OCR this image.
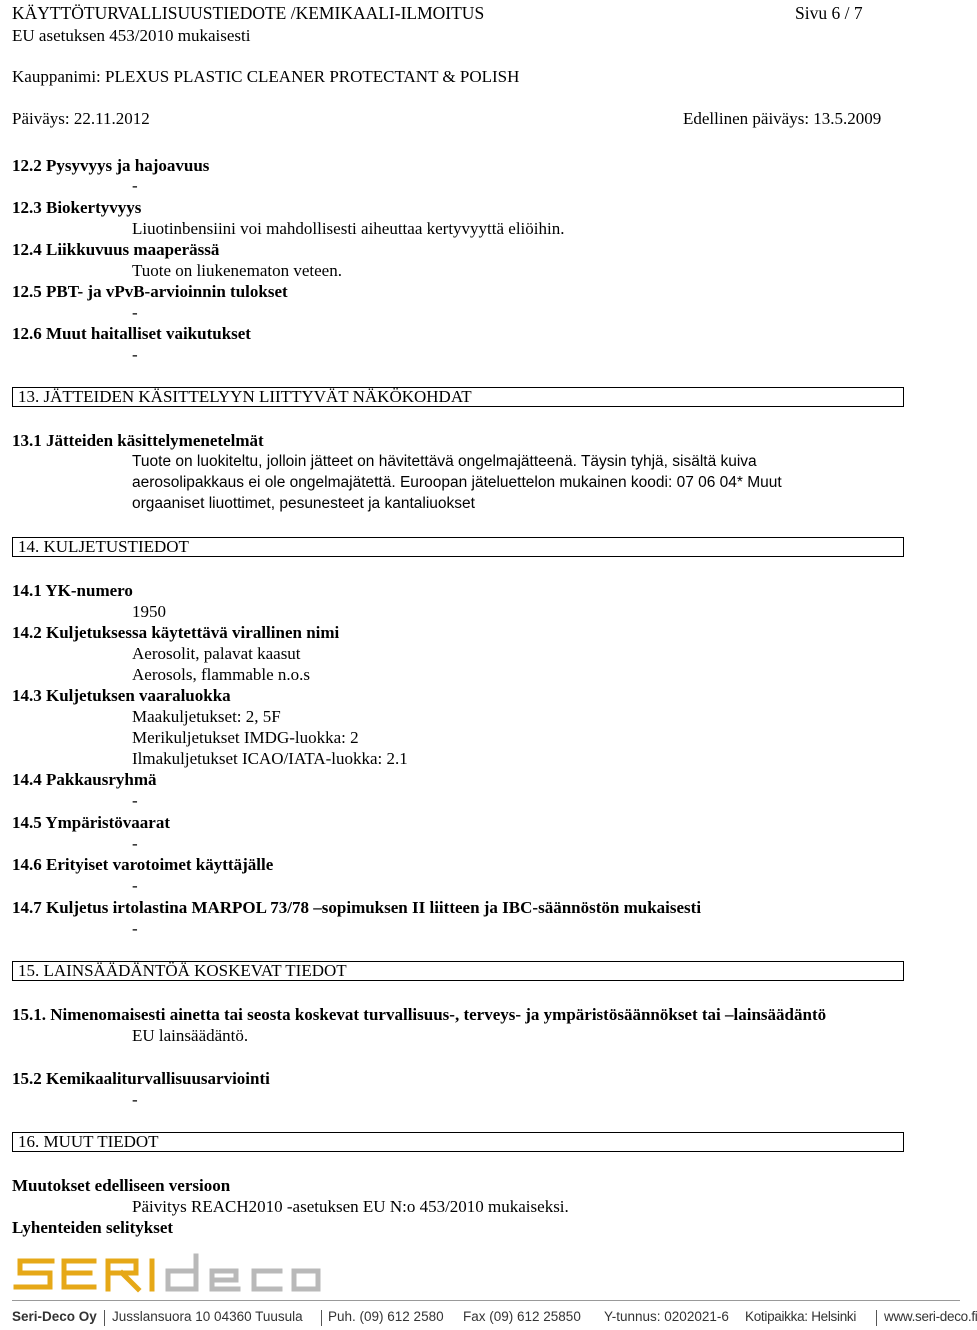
KÄYTTÖTURVALLISUUSTIEDOTE /KEMIKAALI-ILMOITUS	Sivu 6 / 7
EU asetuksen 453/2010 mukaisesti
Kauppanimi: PLEXUS PLASTIC CLEANER PROTECTANT & POLISH
Päiväys: 22.11.2012	Edellinen päiväys: 13.5.2009
12.2 Pysyvyys ja hajoavuus
-
12.3 Biokertyvyys
Liuotinbensiini voi mahdollisesti aiheuttaa kertyvyyttä eliöihin.
12.4 Liikkuvuus maaperässä
Tuote on liukenematon veteen.
12.5 PBT- ja vPvB-arvioinnin tulokset
-
12.6 Muut haitalliset vaikutukset
-
13. JÄTTEIDEN KÄSITTELYYN LIITTYVÄT NÄKÖKOHDAT
13.1 Jätteiden käsittelymenetelmät
Tuote on luokiteltu, jolloin jätteet on hävitettävä ongelmajätteenä. Täysin tyhjä, sisältä kuiva
aerosolipakkaus ei ole ongelmajätettä. Euroopan jäteluettelon mukainen koodi: 07 06 04* Muut
orgaaniset liuottimet, pesunesteet ja kantaliuokset
14. KULJETUSTIEDOT
14.1 YK-numero
1950
14.2 Kuljetuksessa käytettävä virallinen nimi
Aerosolit, palavat kaasut
Aerosols, flammable n.o.s
14.3 Kuljetuksen vaaraluokka
Maakuljetukset: 2, 5F
Merikuljetukset IMDG-luokka: 2
Ilmakuljetukset ICAO/IATA-luokka: 2.1
14.4 Pakkausryhmä
-
14.5 Ympäristövaarat
-
14.6 Erityiset varotoimet käyttäjälle
-
14.7 Kuljetus irtolastina MARPOL 73/78 –sopimuksen II liitteen ja IBC-säännöstön mukaisesti
-
15. LAINSÄÄDÄNTÖÄ KOSKEVAT TIEDOT
15.1. Nimenomaisesti ainetta tai seosta koskevat turvallisuus-, terveys- ja ympäristösäännökset tai –lainsäädäntö
EU lainsäädäntö.
15.2 Kemikaaliturvallisuusarviointi
-
16. MUUT TIEDOT
Muutokset edelliseen versioon
Päivitys REACH2010 -asetuksen EU N:o 453/2010 mukaiseksi.
Lyhenteiden selitykset
Seri-Deco Oy Jusslansuora 10 04360 Tuusula Puh. (09) 612 2580 Fax (09) 612 25850 Y-tunnus: 0202021-6 Kotipaikka: Helsinki www.seri-deco.fi
